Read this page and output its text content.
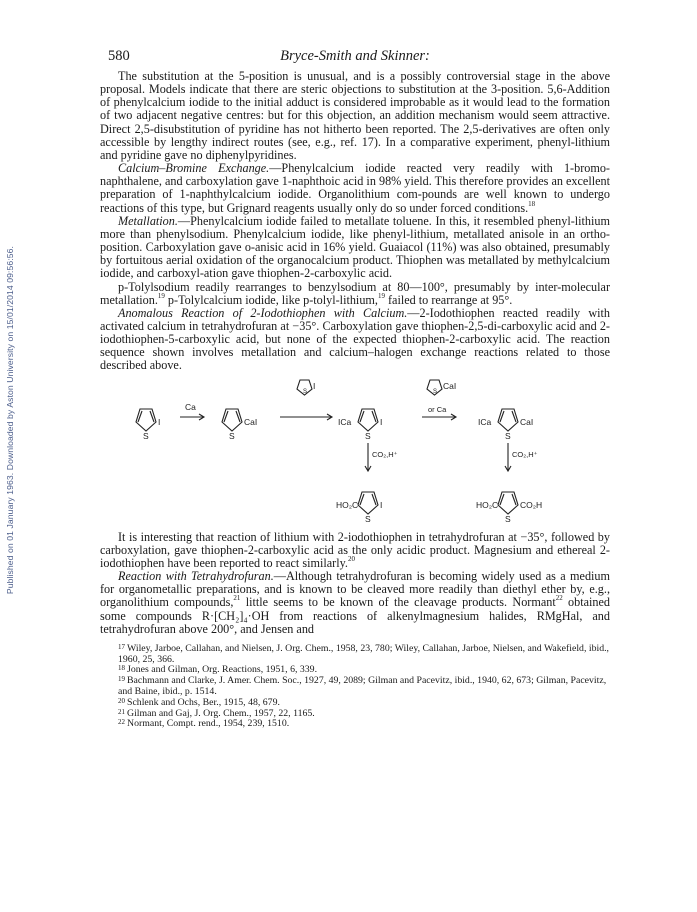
Published on 01 January 1963. Downloaded by Aston University on 15/01/2014 09:56:56.
580	Bryce-Smith and Skinner:

The substitution at the 5-position is unusual, and is a possibly controversial stage in the above proposal. Models indicate that there are steric objections to substitution at the 3-position. 5,6-Addition of phenylcalcium iodide to the initial adduct is considered improbable as it would lead to the formation of two adjacent negative centres: but for this objection, an addition mechanism would seem attractive. Direct 2,5-disubstitution of pyridine has not hitherto been reported. The 2,5-derivatives are often only accessible by lengthy indirect routes (see, e.g., ref. 17). In a comparative experiment, phenyl-lithium and pyridine gave no diphenylpyridines.

Calcium–Bromine Exchange.—Phenylcalcium iodide reacted very readily with 1-bromo-naphthalene, and carboxylation gave 1-naphthoic acid in 98% yield. This therefore provides an excellent preparation of 1-naphthylcalcium iodide. Organolithium com-pounds are well known to undergo reactions of this type, but Grignard reagents usually only do so under forced conditions.$^{18}$

Metallation.—Phenylcalcium iodide failed to metallate toluene. In this, it resembled phenyl-lithium more than phenylsodium. Phenylcalcium iodide, like phenyl-lithium, metallated anisole in an ortho-position. Carboxylation gave o-anisic acid in 16% yield. Guaiacol (11%) was also obtained, presumably by fortuitous aerial oxidation of the organocalcium product. Thiophen was metallated by methylcalcium iodide, and carboxyl-ation gave thiophen-2-carboxylic acid.

p-Tolylsodium readily rearranges to benzylsodium at 80—100°, presumably by inter-molecular metallation.$^{19}$ p-Tolylcalcium iodide, like p-tolyl-lithium,$^{19}$ failed to rearrange at 95°.

Anomalous Reaction of 2-Iodothiophen with Calcium.—2-Iodothiophen reacted readily with activated calcium in tetrahydrofuran at −35°. Carboxylation gave thiophen-2,5-di-carboxylic acid and 2-iodothiophen-5-carboxylic acid, but none of the expected thiophen-2-carboxylic acid. The reaction sequence shown involves metallation and calcium–halogen exchange reactions related to those described above.

S
I
Ca
S
CaI
S
I
S
ICa	I
S
CaI
or Ca
S
ICa	CaI
CO₂,H⁺	CO₂,H⁺
S
HO₂C	I
S
HO₂C	CO₂H

It is interesting that reaction of lithium with 2-iodothiophen in tetrahydrofuran at −35°, followed by carboxylation, gave thiophen-2-carboxylic acid as the only acidic product. Magnesium and ethereal 2-iodothiophen have been reported to react similarly.$^{20}$

Reaction with Tetrahydrofuran.—Although tetrahydrofuran is becoming widely used as a medium for organometallic preparations, and is known to be cleaved more readily than diethyl ether by, e.g., organolithium compounds,$^{21}$ little seems to be known of the cleavage products. Normant$^{22}$ obtained some compounds R·[CH₂]₄·OH from reactions of alkenylmagnesium halides, RMgHal, and tetrahydrofuran above 200°, and Jensen and

$^{17}$ Wiley, Jarboe, Callahan, and Nielsen, J. Org. Chem., 1958, 23, 780; Wiley, Callahan, Jarboe, Nielsen, and Wakefield, ibid., 1960, 25, 366.

$^{18}$ Jones and Gilman, Org. Reactions, 1951, 6, 339.

$^{19}$ Bachmann and Clarke, J. Amer. Chem. Soc., 1927, 49, 2089; Gilman and Pacevitz, ibid., 1940, 62, 673; Gilman, Pacevitz, and Baine, ibid., p. 1514.

$^{20}$ Schlenk and Ochs, Ber., 1915, 48, 679.

$^{21}$ Gilman and Gaj, J. Org. Chem., 1957, 22, 1165.

$^{22}$ Normant, Compt. rend., 1954, 239, 1510.
